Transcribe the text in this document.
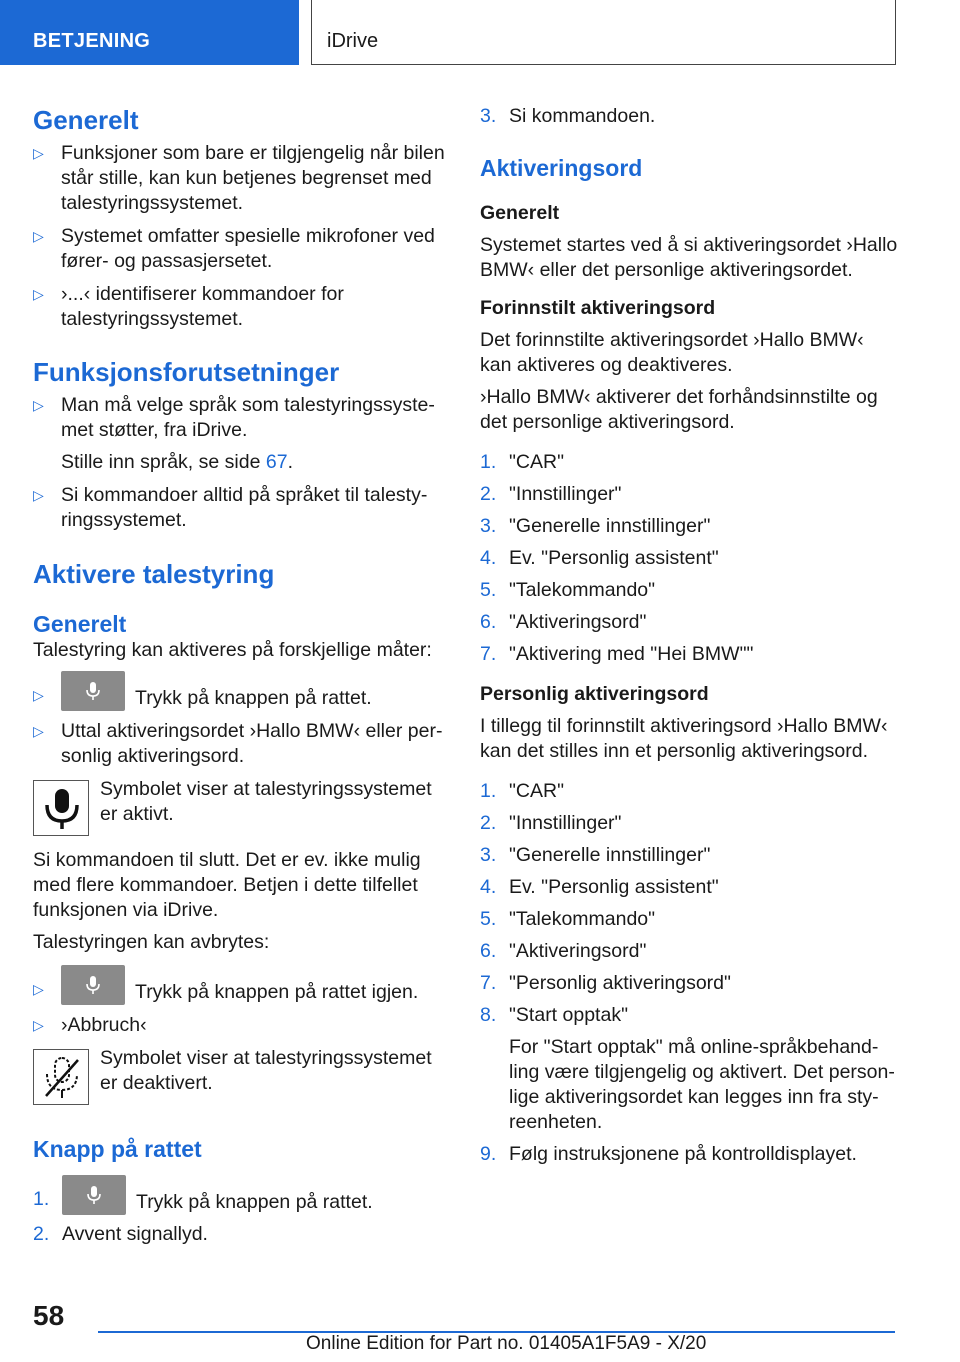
BETJENING	iDrive
Generelt
▷ Funksjoner som bare er tilgjengelig når bilen står stille, kan kun betjenes begrenset med talestyringssystemet.
▷ Systemet omfatter spesielle mikrofoner ved fører- og passasjersetet.
▷ ›...‹ identifiserer kommandoer for talestyringssystemet.
Funksjonsforutsetninger
▷ Man må velge språk som talestyringssystemet støtter, fra iDrive.
Stille inn språk, se side 67.
▷ Si kommandoer alltid på språket til talestyringssystemet.
Aktivere talestyring
Generelt
Talestyring kan aktiveres på forskjellige måter:
▷	Trykk på knappen på rattet.
▷ Uttal aktiveringsordet ›Hallo BMW‹ eller personlig aktiveringsord.
Symbolet viser at talestyringssystemet er aktivt.
Si kommandoen til slutt. Det er ev. ikke mulig med flere kommandoer. Betjen i dette tilfellet funksjonen via iDrive.
Talestyringen kan avbrytes:
▷	Trykk på knappen på rattet igjen.
▷ ›Abbruch‹
Symbolet viser at talestyringssystemet er deaktivert.
Knapp på rattet
1.	Trykk på knappen på rattet.
2. Avvent signallyd.
3. Si kommandoen.
Aktiveringsord
Generelt
Systemet startes ved å si aktiveringsordet ›Hallo BMW‹ eller det personlige aktiveringsordet.
Forinnstilt aktiveringsord
Det forinnstilte aktiveringsordet ›Hallo BMW‹ kan aktiveres og deaktiveres.
›Hallo BMW‹ aktiverer det forhåndsinnstilte og det personlige aktiveringsord.
1. "CAR"
2. "Innstillinger"
3. "Generelle innstillinger"
4. Ev. "Personlig assistent"
5. "Talekommando"
6. "Aktiveringsord"
7. "Aktivering med "Hei BMW""
Personlig aktiveringsord
I tillegg til forinnstilt aktiveringsord ›Hallo BMW‹ kan det stilles inn et personlig aktiveringsord.
1. "CAR"
2. "Innstillinger"
3. "Generelle innstillinger"
4. Ev. "Personlig assistent"
5. "Talekommando"
6. "Aktiveringsord"
7. "Personlig aktiveringsord"
8. "Start opptak"
For "Start opptak" må online-språkbehandling være tilgjengelig og aktivert. Det personlige aktiveringsordet kan legges inn fra styreenheten.
9. Følg instruksjonene på kontrolldisplayet.
58
Online Edition for Part no. 01405A1F5A9 - X/20
